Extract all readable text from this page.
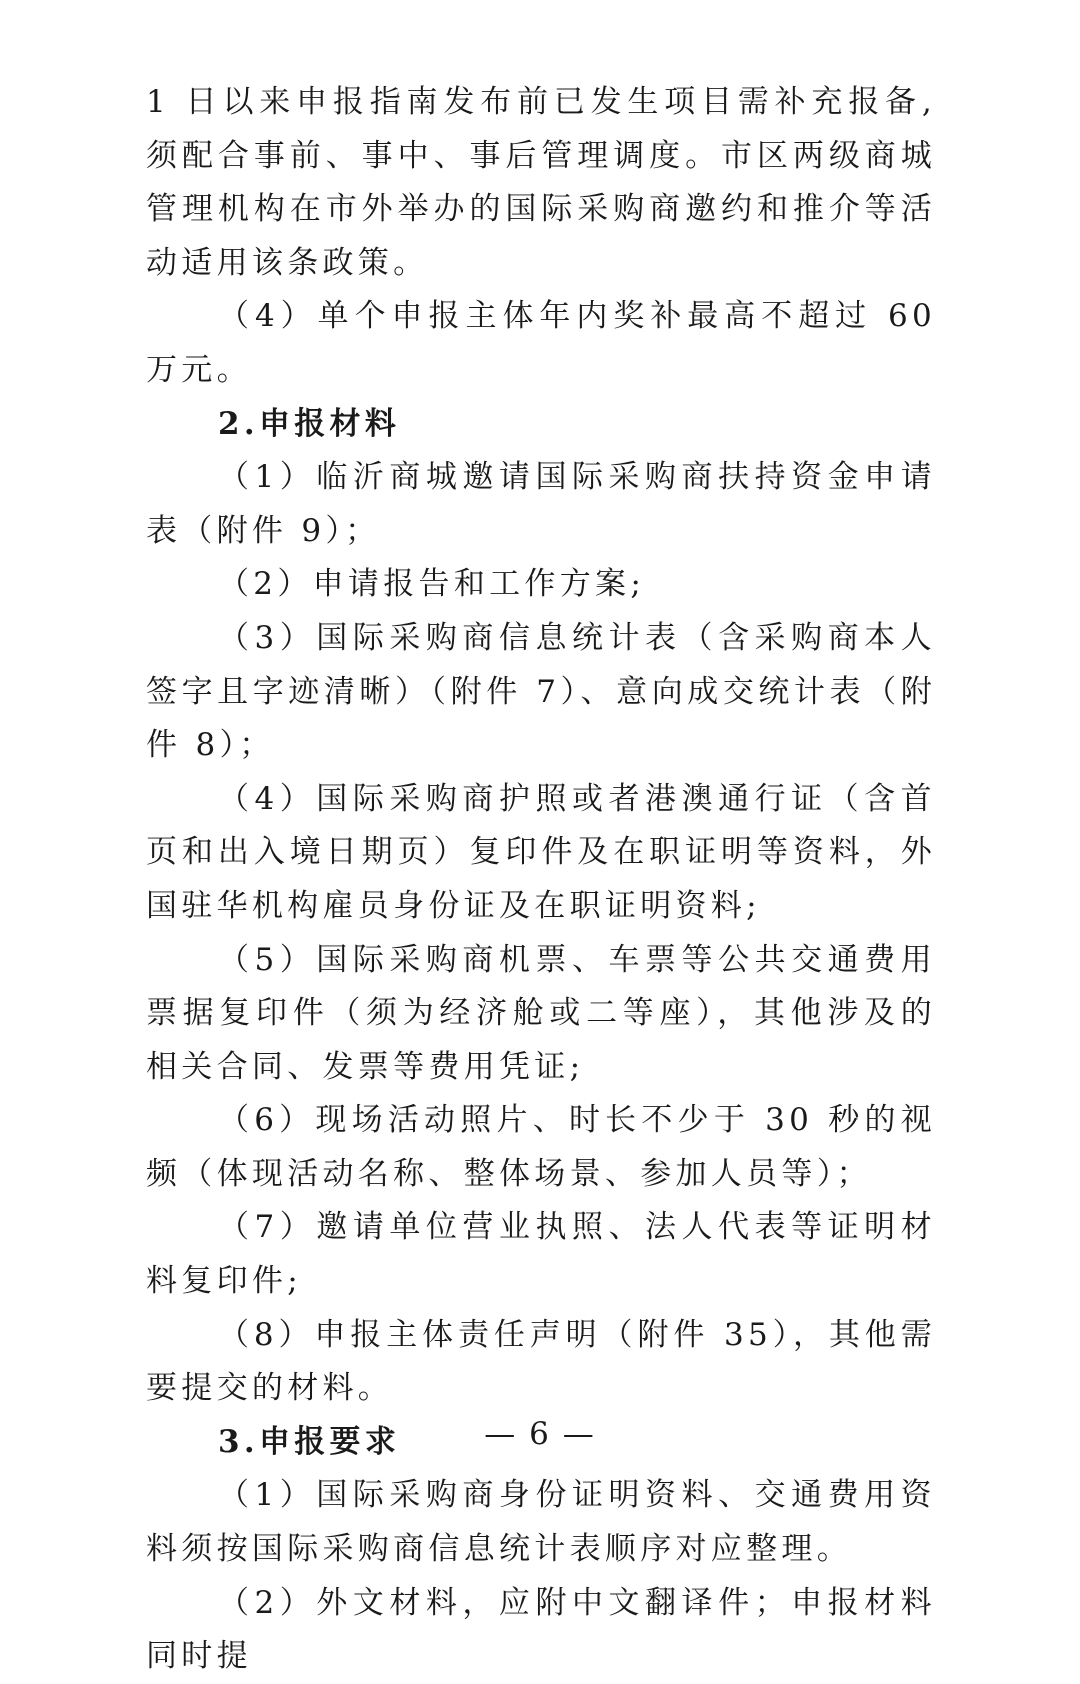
1 日以来申报指南发布前已发生项目需补充报备,须配合事前、事中、事后管理调度。市区两级商城管理机构在市外举办的国际采购商邀约和推介等活动适用该条政策。

（4）单个申报主体年内奖补最高不超过 60 万元。

2.申报材料

（1）临沂商城邀请国际采购商扶持资金申请表（附件 9）；

（2）申请报告和工作方案;

（3）国际采购商信息统计表（含采购商本人签字且字迹清晰）（附件 7）、意向成交统计表（附件 8）；

（4）国际采购商护照或者港澳通行证（含首页和出入境日期页）复印件及在职证明等资料，外国驻华机构雇员身份证及在职证明资料;

（5）国际采购商机票、车票等公共交通费用票据复印件（须为经济舱或二等座），其他涉及的相关合同、发票等费用凭证;

（6）现场活动照片、时长不少于 30 秒的视频（体现活动名称、整体场景、参加人员等）；

（7）邀请单位营业执照、法人代表等证明材料复印件;

（8）申报主体责任声明（附件 35），其他需要提交的材料。

3.申报要求

（1）国际采购商身份证明资料、交通费用资料须按国际采购商信息统计表顺序对应整理。

（2）外文材料，应附中文翻译件；申报材料同时提

— 6 —
